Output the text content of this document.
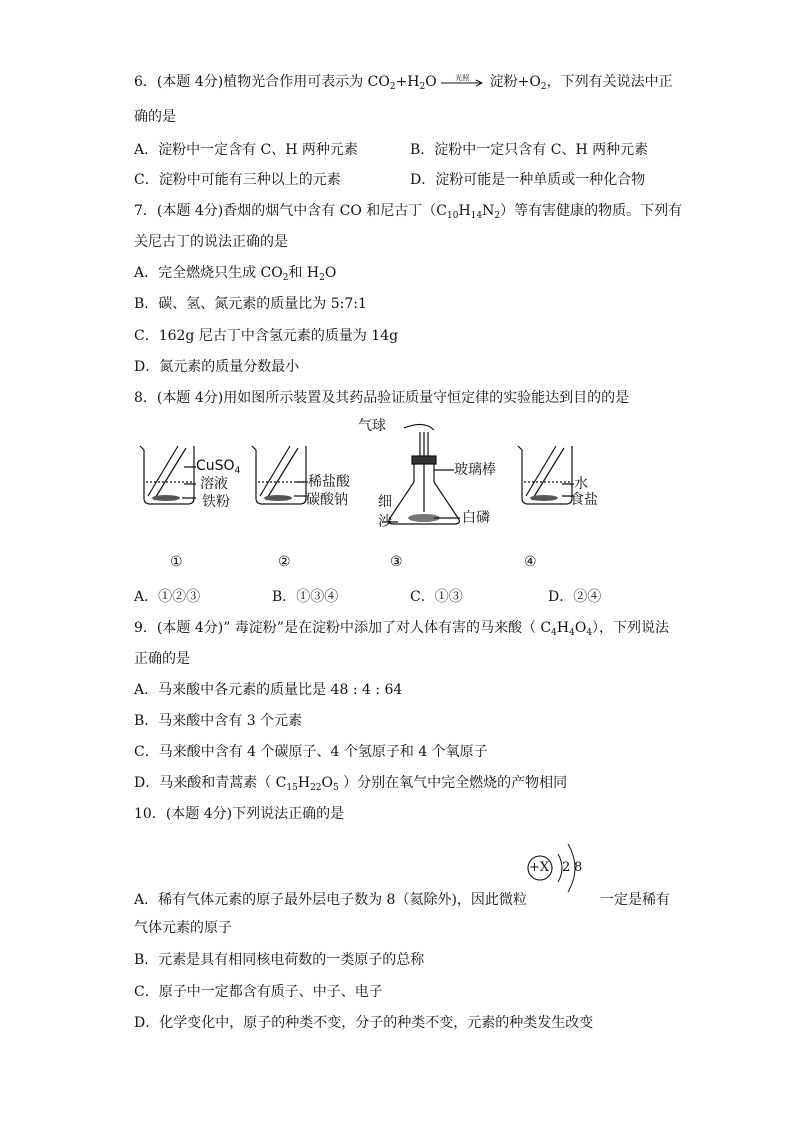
6．(本题 4分)植物光合作用可表示为 $CO_2+H_2O$	光照 淀粉$+O_2$，下列有关说法中正
确的是
A．淀粉中一定含有 C、H 两种元素	B．淀粉中一定只含有 C、H 两种元素
C．淀粉中可能有三种以上的元素	D．淀粉可能是一种单质或一种化合物
7．(本题 4分)香烟的烟气中含有 CO 和尼古丁$(C_{10}H_{14}N_2)$等有害健康的物质。下列有
关尼古丁的说法正确的是
A．完全燃烧只生成 $CO_2$和 $H_2O$
B．碳、氢、氮元素的质量比为 5:7:1
C．162g 尼古丁中含氢元素的质量为 14g
D．氮元素的质量分数最小
8．(本题 4分)用如图所示装置及其药品验证质量守恒定律的实验能达到目的的是
CuSO$_4$
溶液
铁粉
稀盐酸
碳酸钠
气球
玻璃棒
细
沙	白磷
水
食盐
①	②	③	④
A．①②③	B．①③④	C．①③	D．②④
9．(本题 4分)” 毒淀粉”是在淀粉中添加了对人体有害的马来酸（ $C_4H_4O_4$），下列说法
正确的是
A．马来酸中各元素的质量比是 48 : 4 : 64
B．马来酸中含有 3 个元素
C．马来酸中含有 4 个碳原子、4 个氢原子和 4 个氧原子
D．马来酸和青蒿素（ $C_{15}H_{22}O_5$ ）分别在氧气中完全燃烧的产物相同
10．(本题 4分)下列说法正确的是
+X 2 8
A．稀有气体元素的原子最外层电子数为 8（氦除外)，因此微粒	一定是稀有
气体元素的原子
B．元素是具有相同核电荷数的一类原子的总称
C．原子中一定都含有质子、中子、电子
D．化学变化中，原子的种类不变，分子的种类不变，元素的种类发生改变
